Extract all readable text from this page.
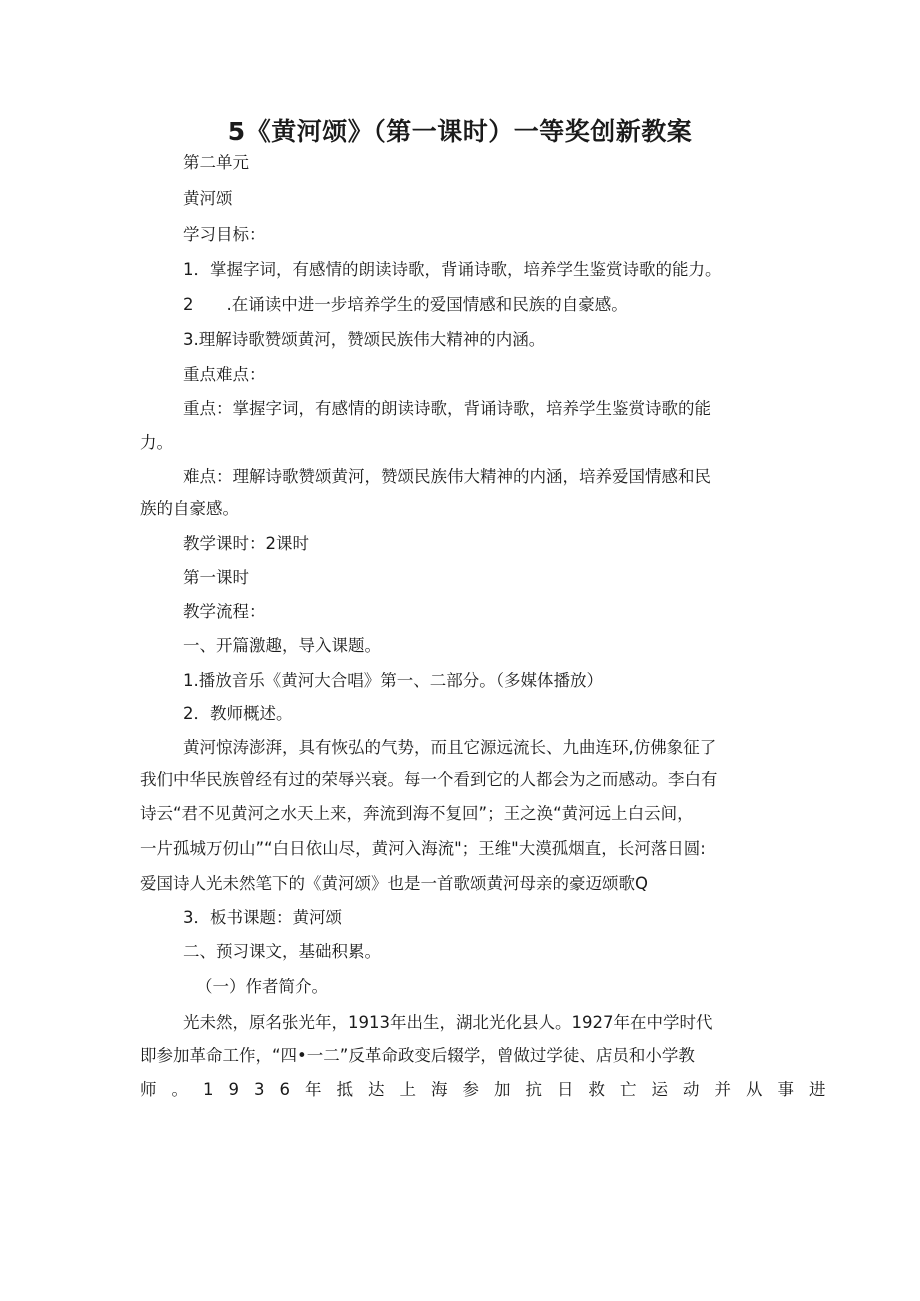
5《黄河颂》（第一课时）一等奖创新教案
第二单元
黄河颂
学习目标：
1．掌握字词，有感情的朗读诗歌，背诵诗歌，培养学生鉴赏诗歌的能力。
2　　.在诵读中进一步培养学生的爱国情感和民族的自豪感。
3.理解诗歌赞颂黄河，赞颂民族伟大精神的内涵。
重点难点：
重点：掌握字词，有感情的朗读诗歌，背诵诗歌，培养学生鉴赏诗歌的能
力。
难点：理解诗歌赞颂黄河，赞颂民族伟大精神的内涵，培养爱国情感和民
族的自豪感。
教学课时：2课时
第一课时
教学流程：
一、开篇激趣，导入课题。
1.播放音乐《黄河大合唱》第一、二部分。（多媒体播放）
2．教师概述。
黄河惊涛澎湃，具有恢弘的气势，而且它源远流长、九曲连环,仿佛象征了
我们中华民族曾经有过的荣辱兴衰。每一个看到它的人都会为之而感动。李白有
诗云“君不见黄河之水天上来，奔流到海不复回”；王之涣“黄河远上白云间，
一片孤城万仞山”“白日依山尽，黄河入海流"；王维"大漠孤烟直，长河落日圆:
爱国诗人光未然笔下的《黄河颂》也是一首歌颂黄河母亲的豪迈颂歌Q
3．板书课题：黄河颂
二、预习课文，基础积累。
（一）作者简介。
光未然，原名张光年，1913年出生，湖北光化县人。1927年在中学时代
即参加革命工作，“四•一二”反革命政变后辍学，曾做过学徒、店员和小学教
师。1936年抵达上海参加抗日救亡运动并从事进
